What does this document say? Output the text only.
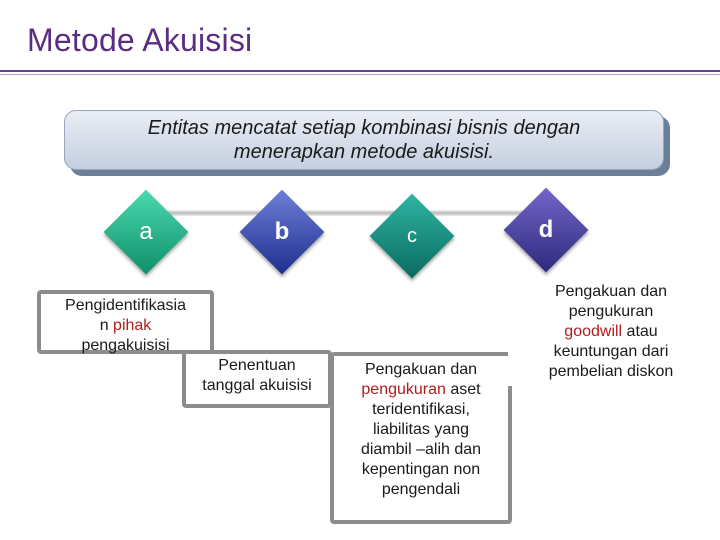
Metode Akuisisi
Entitas mencatat setiap kombinasi bisnis dengan
menerapkan metode akuisisi.
a	b	c	d
Pengidentifikasia
n pihak
pengakuisisi
Penentuan
tanggal akuisisi
Pengakuan dan
pengukuran aset
teridentifikasi,
liabilitas yang
diambil –alih dan
kepentingan non
pengendali
Pengakuan dan
pengukuran
goodwill atau
keuntungan dari
pembelian diskon
